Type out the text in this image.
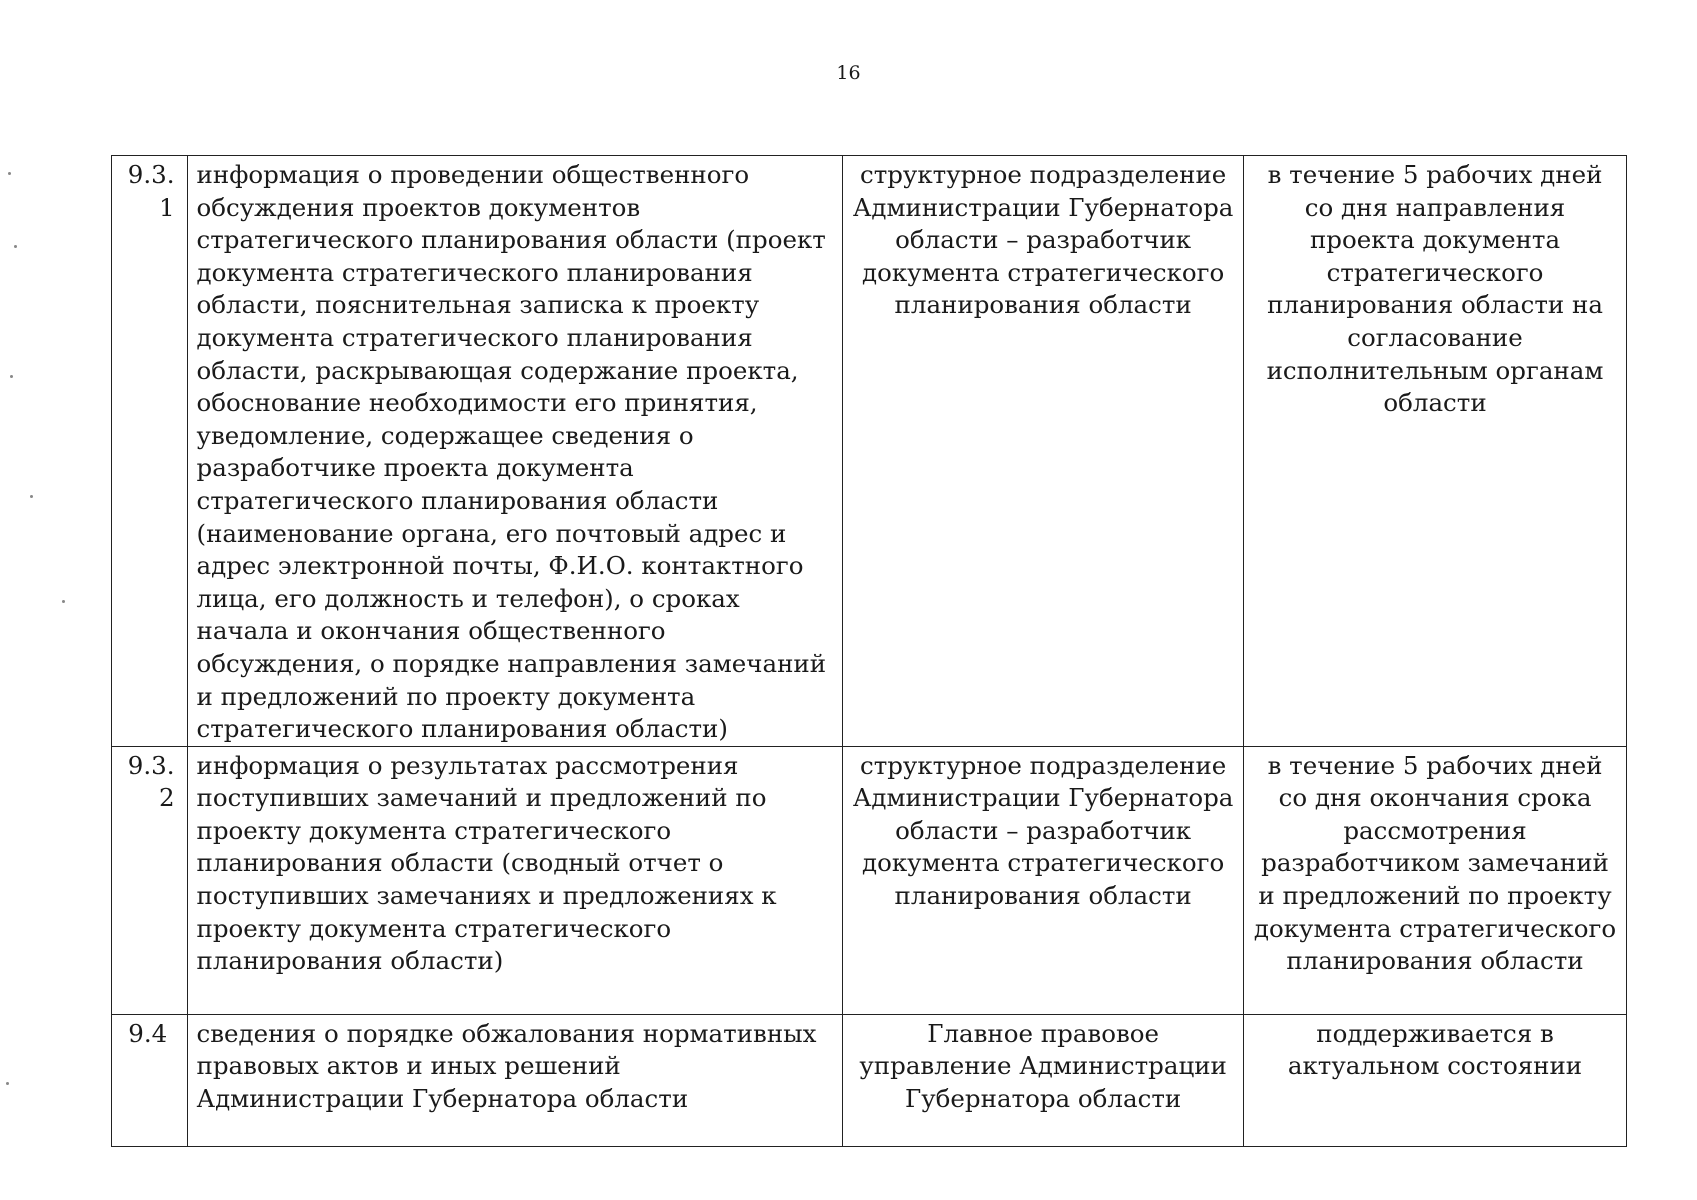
16
9.3.1	информация о проведении общественного обсуждения проектов документов стратегического планирования области (проект документа стратегического планирования области, пояснительная записка к проекту документа стратегического планирования области, раскрывающая содержание проекта, обоснование необходимости его принятия, уведомление, содержащее сведения о разработчике проекта документа стратегического планирования области (наименование органа, его почтовый адрес и адрес электронной почты, Ф.И.О. контактного лица, его должность и телефон), о сроках начала и окончания общественного обсуждения, о порядке направления замечаний и предложений по проекту документа стратегического планирования области)	структурное подразделение Администрации Губернатора области – разработчик документа стратегического планирования области	в течение 5 рабочих дней со дня направления проекта документа стратегического планирования области на согласование исполнительным органам области
9.3.2	информация о результатах рассмотрения поступивших замечаний и предложений по проекту документа стратегического планирования области (сводный отчет о поступивших замечаниях и предложениях к проекту документа стратегического планирования области)	структурное подразделение Администрации Губернатора области – разработчик документа стратегического планирования области	в течение 5 рабочих дней со дня окончания срока рассмотрения разработчиком замечаний и предложений по проекту документа стратегического планирования области
9.4	сведения о порядке обжалования нормативных правовых актов и иных решений Администрации Губернатора области	Главное правовое управление Администрации Губернатора области	поддерживается в актуальном состоянии
